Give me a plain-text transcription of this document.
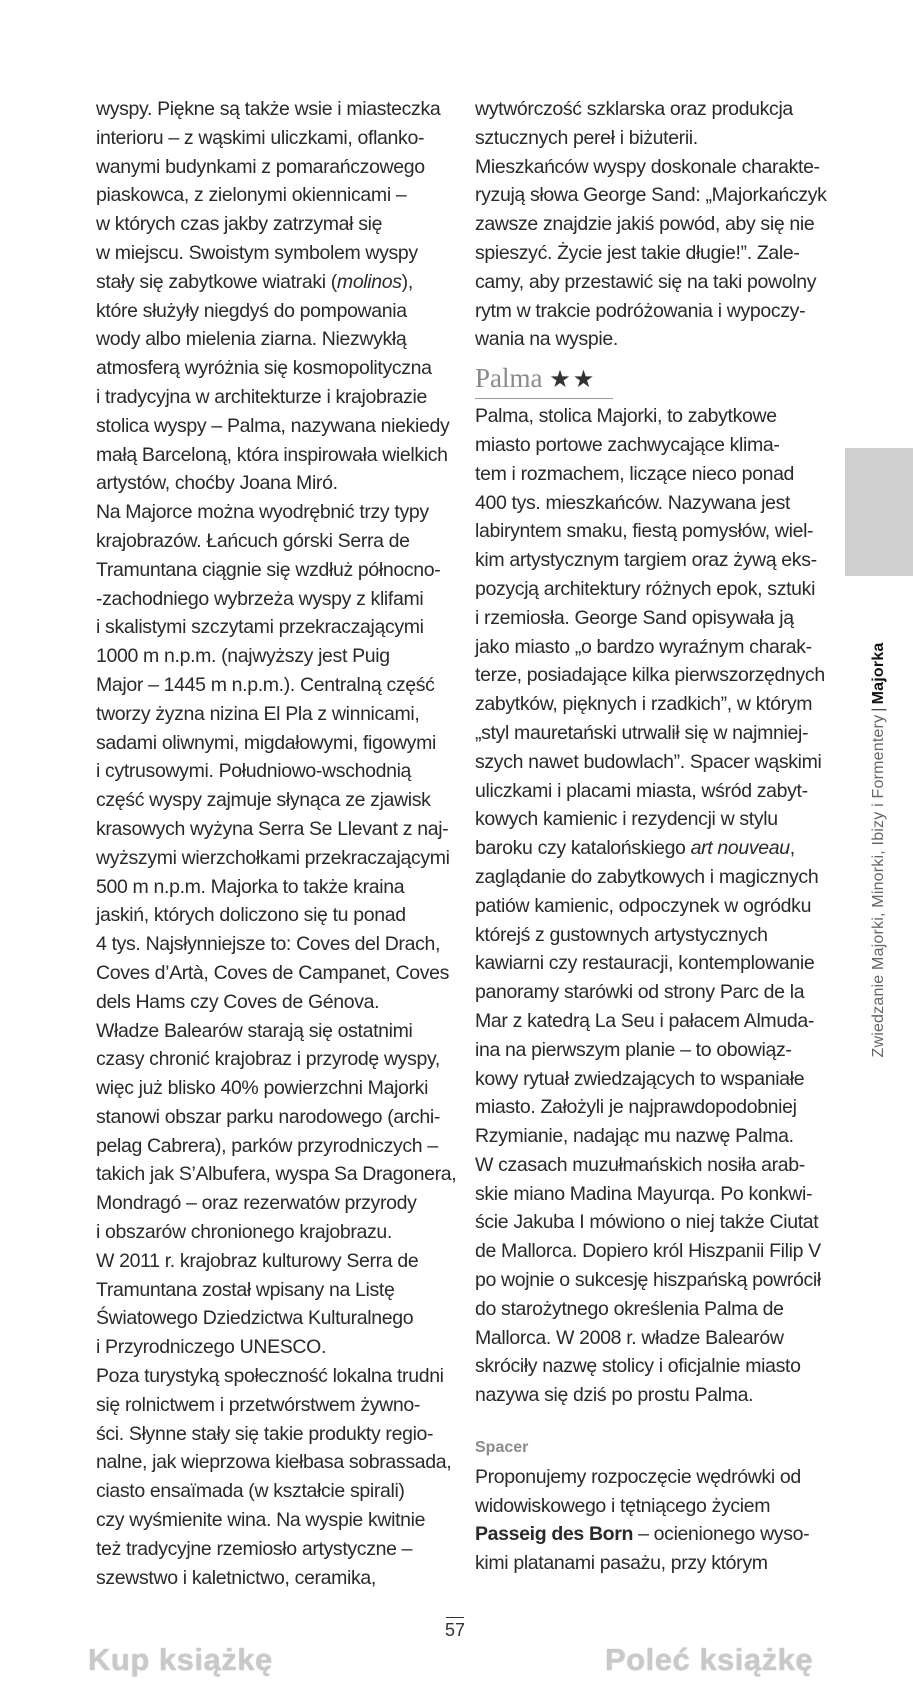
wyspy. Piękne są także wsie i miasteczka
interioru – z wąskimi uliczkami, oflanko-
wanymi budynkami z pomarańczowego
piaskowca, z zielonymi okiennicami –
w których czas jakby zatrzymał się
w miejscu. Swoistym symbolem wyspy
stały się zabytkowe wiatraki (molinos),
które służyły niegdyś do pompowania
wody albo mielenia ziarna. Niezwykłą
atmosferą wyróżnia się kosmopolityczna
i tradycyjna w architekturze i krajobrazie
stolica wyspy – Palma, nazywana niekiedy
małą Barceloną, która inspirowała wielkich
artystów, choćby Joana Miró.
Na Majorce można wyodrębnić trzy typy
krajobrazów. Łańcuch górski Serra de
Tramuntana ciągnie się wzdłuż północno-
-zachodniego wybrzeża wyspy z klifami
i skalistymi szczytami przekraczającymi
1000 m n.p.m. (najwyższy jest Puig
Major – 1445 m n.p.m.). Centralną część
tworzy żyzna nizina El Pla z winnicami,
sadami oliwnymi, migdałowymi, figowymi
i cytrusowymi. Południowo-wschodnią
część wyspy zajmuje słynąca ze zjawisk
krasowych wyżyna Serra Se Llevant z naj-
wyższymi wierzchołkami przekraczającymi
500 m n.p.m. Majorka to także kraina
jaskiń, których doliczono się tu ponad
4 tys. Najsłynniejsze to: Coves del Drach,
Coves d’Artà, Coves de Campanet, Coves
dels Hams czy Coves de Génova.
Władze Balearów starają się ostatnimi
czasy chronić krajobraz i przyrodę wyspy,
więc już blisko 40% powierzchni Majorki
stanowi obszar parku narodowego (archi-
pelag Cabrera), parków przyrodniczych –
takich jak S’Albufera, wyspa Sa Dragonera,
Mondragó – oraz rezerwatów przyrody
i obszarów chronionego krajobrazu.
W 2011 r. krajobraz kulturowy Serra de
Tramuntana został wpisany na Listę
Światowego Dziedzictwa Kulturalnego
i Przyrodniczego UNESCO.
Poza turystyką społeczność lokalna trudni
się rolnictwem i przetwórstwem żywno-
ści. Słynne stały się takie produkty regio-
nalne, jak wieprzowa kiełbasa sobrassada,
ciasto ensaïmada (w kształcie spirali)
czy wyśmienite wina. Na wyspie kwitnie
też tradycyjne rzemiosło artystyczne –
szewstwo i kaletnictwo, ceramika,
wytwórczość szklarska oraz produkcja
sztucznych pereł i biżuterii.
Mieszkańców wyspy doskonale charakte-
ryzują słowa George Sand: „Majorkańczyk
zawsze znajdzie jakiś powód, aby się nie
spieszyć. Życie jest takie długie!”. Zale-
camy, aby przestawić się na taki powolny
rytm w trakcie podróżowania i wypoczy-
wania na wyspie.
Palma ★★
Palma, stolica Majorki, to zabytkowe
miasto portowe zachwycające klima-
tem i rozmachem, liczące nieco ponad
400 tys. mieszkańców. Nazywana jest
labiryntem smaku, fiestą pomysłów, wiel-
kim artystycznym targiem oraz żywą eks-
pozycją architektury różnych epok, sztuki
i rzemiosła. George Sand opisywała ją
jako miasto „o bardzo wyraźnym charak-
terze, posiadające kilka pierwszorzędnych
zabytków, pięknych i rzadkich”, w którym
„styl mauretański utrwalił się w najmniej-
szych nawet budowlach”. Spacer wąskimi
uliczkami i placami miasta, wśród zabyt-
kowych kamienic i rezydencji w stylu
baroku czy katalońskiego art nouveau,
zaglądanie do zabytkowych i magicznych
patiów kamienic, odpoczynek w ogródku
którejś z gustownych artystycznych
kawiarni czy restauracji, kontemplowanie
panoramy starówki od strony Parc de la
Mar z katedrą La Seu i pałacem Almuda-
ina na pierwszym planie – to obowiąz-
kowy rytuał zwiedzających to wspaniałe
miasto. Założyli je najprawdopodobniej
Rzymianie, nadając mu nazwę Palma.
W czasach muzułmańskich nosiła arab-
skie miano Madina Mayurqa. Po konkwi-
ście Jakuba I mówiono o niej także Ciutat
de Mallorca. Dopiero król Hiszpanii Filip V
po wojnie o sukcesję hiszpańską powrócił
do starożytnego określenia Palma de
Mallorca. W 2008 r. władze Balearów
skróciły nazwę stolicy i oficjalnie miasto
nazywa się dziś po prostu Palma.
Spacer
Proponujemy rozpoczęcie wędrówki od
widowiskowego i tętniącego życiem
Passeig des Born – ocienionego wyso-
kimi platanami pasażu, przy którym
Zwiedzanie Majorki, Minorki, Ibizy i Formentery|Majorka
57
Kup książkę	Poleć książkę
